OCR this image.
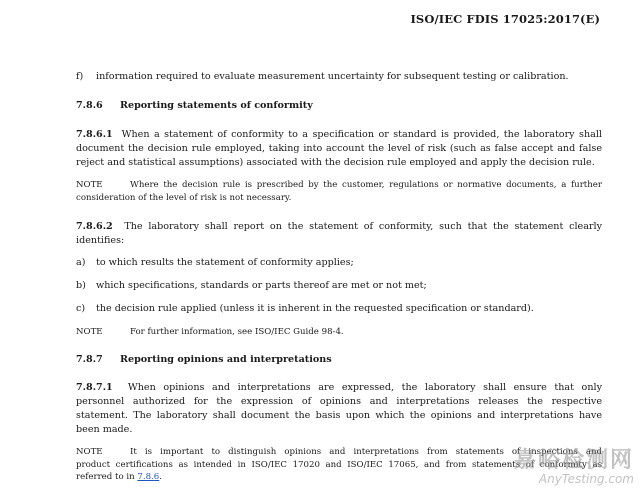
ISO/IEC FDIS 17025:2017(E)
f) information required to evaluate measurement uncertainty for subsequent testing or calibration.
7.8.6 Reporting statements of conformity
7.8.6.1 When a statement of conformity to a specification or standard is provided, the laboratory shall
document the decision rule employed, taking into account the level of risk (such as false accept and false
reject and statistical assumptions) associated with the decision rule employed and apply the decision rule.
NOTE	Where the decision rule is prescribed by the customer, regulations or normative documents, a further
consideration of the level of risk is not necessary.
7.8.6.2 The laboratory shall report on the statement of conformity, such that the statement clearly
identifies:
a) to which results the statement of conformity applies;
b) which specifications, standards or parts thereof are met or not met;
c) the decision rule applied (unless it is inherent in the requested specification or standard).
NOTE	For further information, see ISO/IEC Guide 98-4.
7.8.7 Reporting opinions and interpretations
7.8.7.1 When opinions and interpretations are expressed, the laboratory shall ensure that only
personnel authorized for the expression of opinions and interpretations releases the respective
statement. The laboratory shall document the basis upon which the opinions and interpretations have
been made.
NOTE	It is important to distinguish opinions and interpretations from statements of inspections and
product certifications as intended in ISO/IEC 17020 and ISO/IEC 17065, and from statements of conformity as
referred to in 7.8.6.
嘉峪检测网
AnyTesting.com
